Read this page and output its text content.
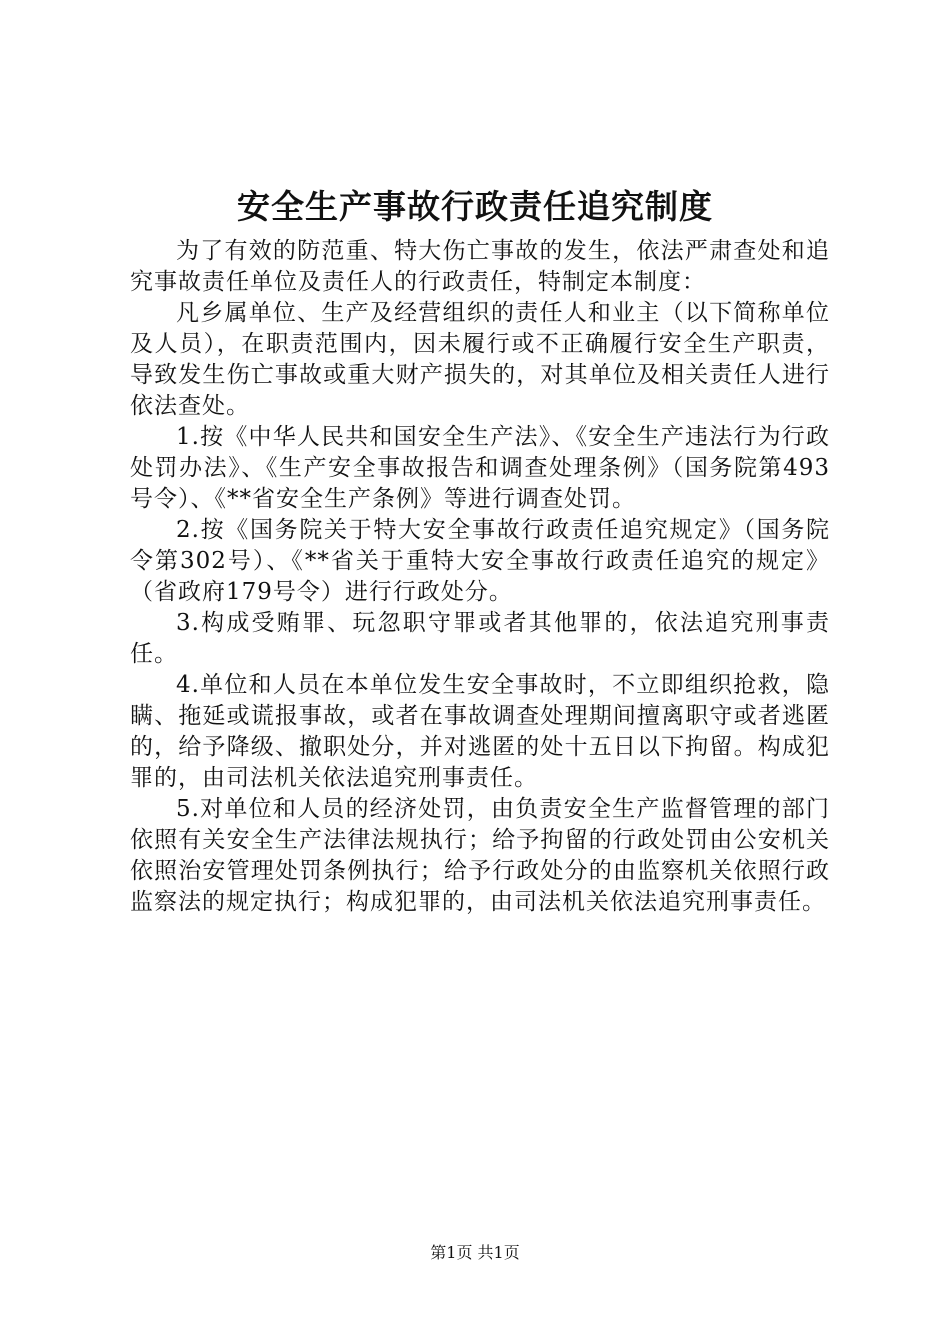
安全生产事故行政责任追究制度

为了有效的防范重、特大伤亡事故的发生，依法严肃查处和追究事故责任单位及责任人的行政责任，特制定本制度：

凡乡属单位、生产及经营组织的责任人和业主（以下简称单位及人员），在职责范围内，因未履行或不正确履行安全生产职责，导致发生伤亡事故或重大财产损失的，对其单位及相关责任人进行依法查处。

1.按《中华人民共和国安全生产法》、《安全生产违法行为行政处罚办法》、《生产安全事故报告和调查处理条例》（国务院第493号令）、《**省安全生产条例》等进行调查处罚。

2.按《国务院关于特大安全事故行政责任追究规定》（国务院令第302号）、《**省关于重特大安全事故行政责任追究的规定》（省政府179号令）进行行政处分。

3.构成受贿罪、玩忽职守罪或者其他罪的，依法追究刑事责任。

4.单位和人员在本单位发生安全事故时，不立即组织抢救，隐瞒、拖延或谎报事故，或者在事故调查处理期间擅离职守或者逃匿的，给予降级、撤职处分，并对逃匿的处十五日以下拘留。构成犯罪的，由司法机关依法追究刑事责任。

5.对单位和人员的经济处罚，由负责安全生产监督管理的部门依照有关安全生产法律法规执行；给予拘留的行政处罚由公安机关依照治安管理处罚条例执行；给予行政处分的由监察机关依照行政监察法的规定执行；构成犯罪的，由司法机关依法追究刑事责任。

第1页 共1页
